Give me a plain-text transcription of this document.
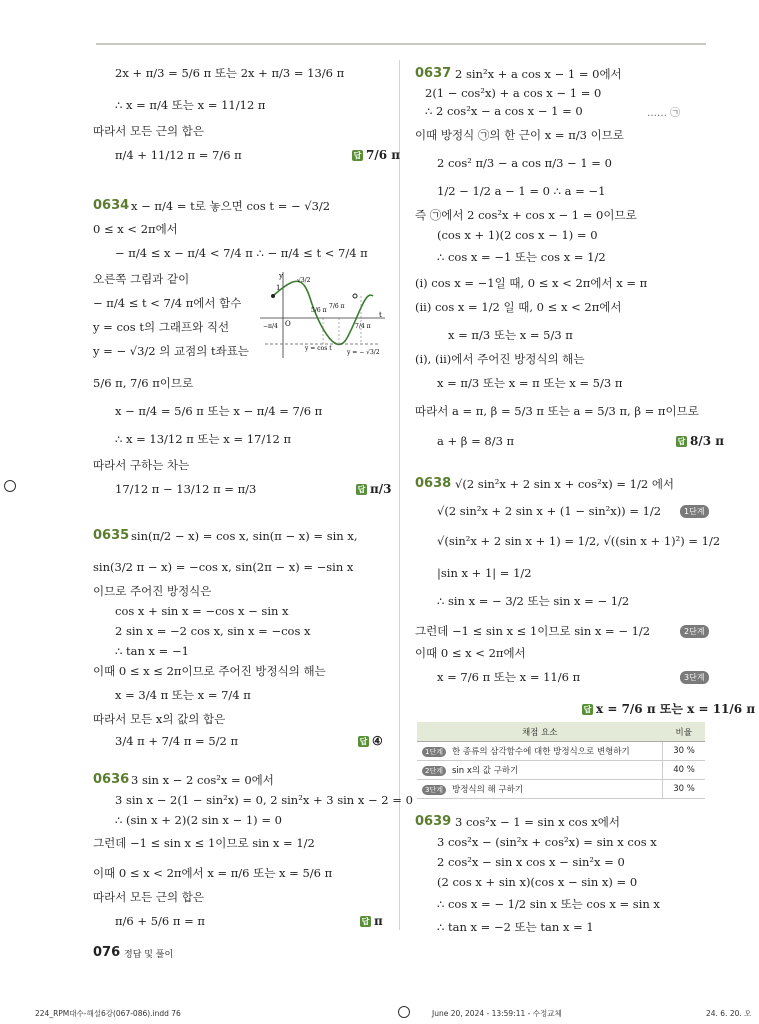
2x + π/3 = 5/6 π 또는 2x + π/3 = 13/6 π
∴ x = π/4 또는 x = 11/12 π
따라서 모든 근의 합은
π/4 + 11/12 π = 7/6 π	답 7/6 π
0634 x − π/4 = t로 놓으면 cos t = − √3/2
0 ≤ x < 2π에서
− π/4 ≤ x − π/4 < 7/4 π ∴ − π/4 ≤ t < 7/4 π
오른쪽 그림과 같이
− π/4 ≤ t < 7/4 π에서 함수
y = cos t의 그래프와 직선
y = − √3/2 의 교점의 t좌표는
5/6 π, 7/6 π이므로
x − π/4 = 5/6 π 또는 x − π/4 = 7/6 π
∴ x = 13/12 π 또는 x = 17/12 π
따라서 구하는 차는
17/12 π − 13/12 π = π/3	답 π/3
y
t
1
O
−π/4
5/6 π
7/6 π
7/4 π
√3/2
y = cos t
y = − √3/2
0635 sin(π/2 − x) = cos x, sin(π − x) = sin x,
sin(3/2 π − x) = −cos x, sin(2π − x) = −sin x
이므로 주어진 방정식은
cos x + sin x = −cos x − sin x
2 sin x = −2 cos x, sin x = −cos x
∴ tan x = −1
이때 0 ≤ x ≤ 2π이므로 주어진 방정식의 해는
x = 3/4 π 또는 x = 7/4 π
따라서 모든 x의 값의 합은
3/4 π + 7/4 π = 5/2 π	답 ④
0636 3 sin x − 2 cos²x = 0에서
3 sin x − 2(1 − sin²x) = 0, 2 sin²x + 3 sin x − 2 = 0
∴ (sin x + 2)(2 sin x − 1) = 0
그런데 −1 ≤ sin x ≤ 1이므로 sin x = 1/2
이때 0 ≤ x < 2π에서 x = π/6 또는 x = 5/6 π
따라서 모든 근의 합은
π/6 + 5/6 π = π	답 π
0637 2 sin²x + a cos x − 1 = 0에서
2(1 − cos²x) + a cos x − 1 = 0
∴ 2 cos²x − a cos x − 1 = 0	…… ㉠
이때 방정식 ㉠의 한 근이 x = π/3 이므로
2 cos² π/3 − a cos π/3 − 1 = 0
1/2 − 1/2 a − 1 = 0 ∴ a = −1
즉 ㉠에서 2 cos²x + cos x − 1 = 0이므로
(cos x + 1)(2 cos x − 1) = 0
∴ cos x = −1 또는 cos x = 1/2
(i) cos x = −1일 때, 0 ≤ x < 2π에서 x = π
(ii) cos x = 1/2 일 때, 0 ≤ x < 2π에서
x = π/3 또는 x = 5/3 π
(i), (ii)에서 주어진 방정식의 해는
x = π/3 또는 x = π 또는 x = 5/3 π
따라서 a = π, β = 5/3 π 또는 a = 5/3 π, β = π이므로
a + β = 8/3 π	답 8/3 π
0638 √(2 sin²x + 2 sin x + cos²x) = 1/2 에서
√(2 sin²x + 2 sin x + (1 − sin²x)) = 1/2	1단계
√(sin²x + 2 sin x + 1) = 1/2, √((sin x + 1)²) = 1/2
|sin x + 1| = 1/2
∴ sin x = − 3/2 또는 sin x = − 1/2
그런데 −1 ≤ sin x ≤ 1이므로 sin x = − 1/2	2단계
이때 0 ≤ x < 2π에서
x = 7/6 π 또는 x = 11/6 π	3단계
답 x = 7/6 π 또는 x = 11/6 π
채점 요소	비율
1단계 한 종류의 삼각함수에 대한 방정식으로 변형하기	30 %
2단계 sin x의 값 구하기	40 %
3단계 방정식의 해 구하기	30 %
0639 3 cos²x − 1 = sin x cos x에서
3 cos²x − (sin²x + cos²x) = sin x cos x
2 cos²x − sin x cos x − sin²x = 0
(2 cos x + sin x)(cos x − sin x) = 0
∴ cos x = − 1/2 sin x 또는 cos x = sin x
∴ tan x = −2 또는 tan x = 1
076 정답 및 풀이
224_RPM대수-해설6강(067-086).indd 76	June 20, 2024 - 13:59:11 - 수정교체	24. 6. 20. 오
